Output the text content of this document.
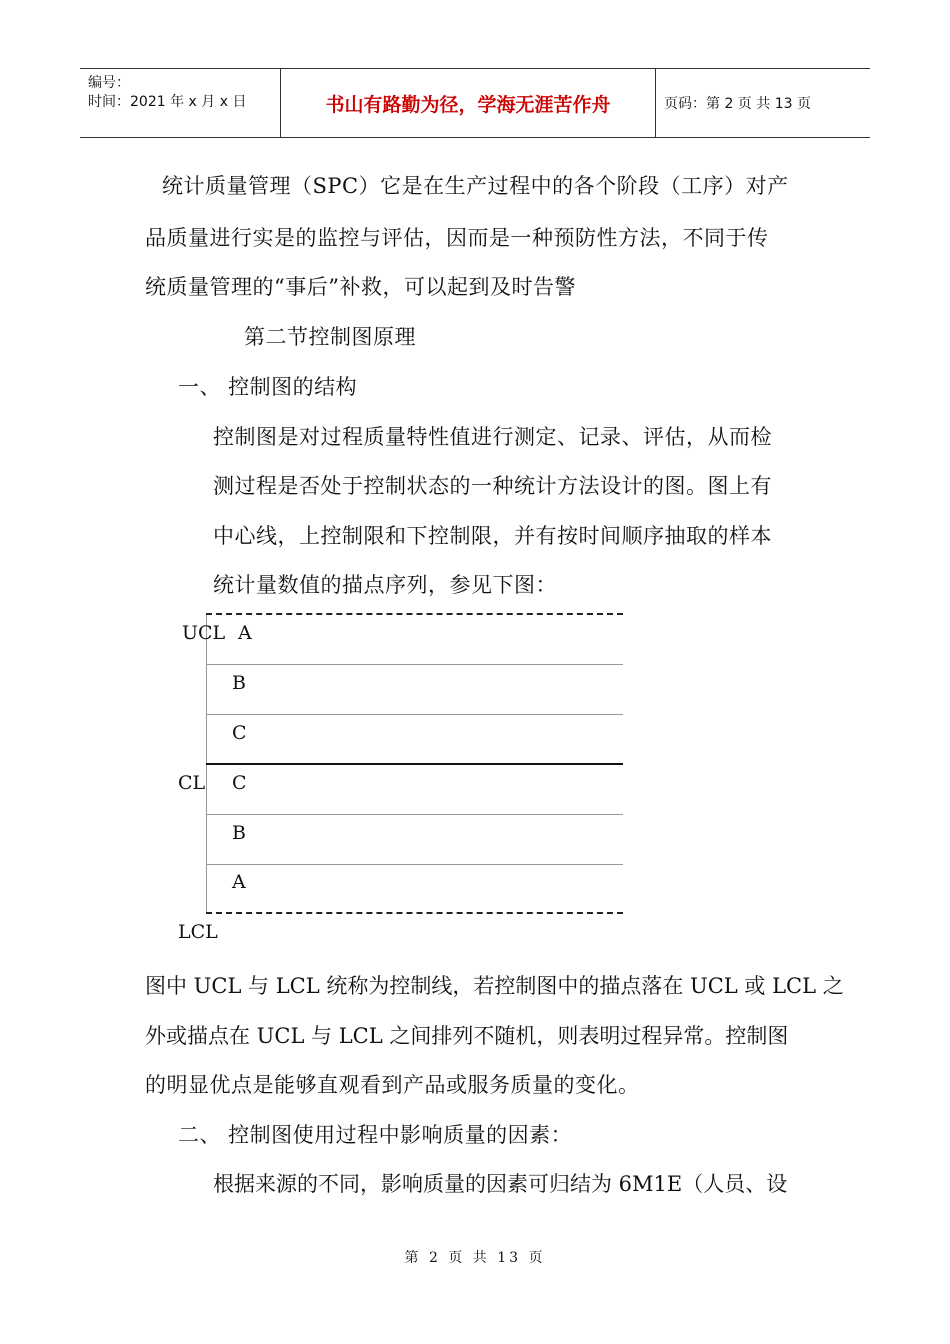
编号：
时间：2021 年 x 月 x 日	书山有路勤为径，学海无涯苦作舟	页码：第 2 页 共 13 页
统计质量管理（SPC）它是在生产过程中的各个阶段（工序）对产
品质量进行实是的监控与评估，因而是一种预防性方法，不同于传
统质量管理的“事后”补救，可以起到及时告警
第二节控制图原理
一、 控制图的结构
控制图是对过程质量特性值进行测定、记录、评估，从而检
测过程是否处于控制状态的一种统计方法设计的图。图上有
中心线，上控制限和下控制限，并有按时间顺序抽取的样本
统计量数值的描点序列，参见下图：
UCL
CL
LCL
A
B
C
C
B
A
图中 UCL 与 LCL 统称为控制线，若控制图中的描点落在 UCL 或 LCL 之
外或描点在 UCL 与 LCL 之间排列不随机，则表明过程异常。控制图
的明显优点是能够直观看到产品或服务质量的变化。
二、 控制图使用过程中影响质量的因素：
根据来源的不同，影响质量的因素可归结为 6M1E（人员、设
第 2 页 共 13 页
